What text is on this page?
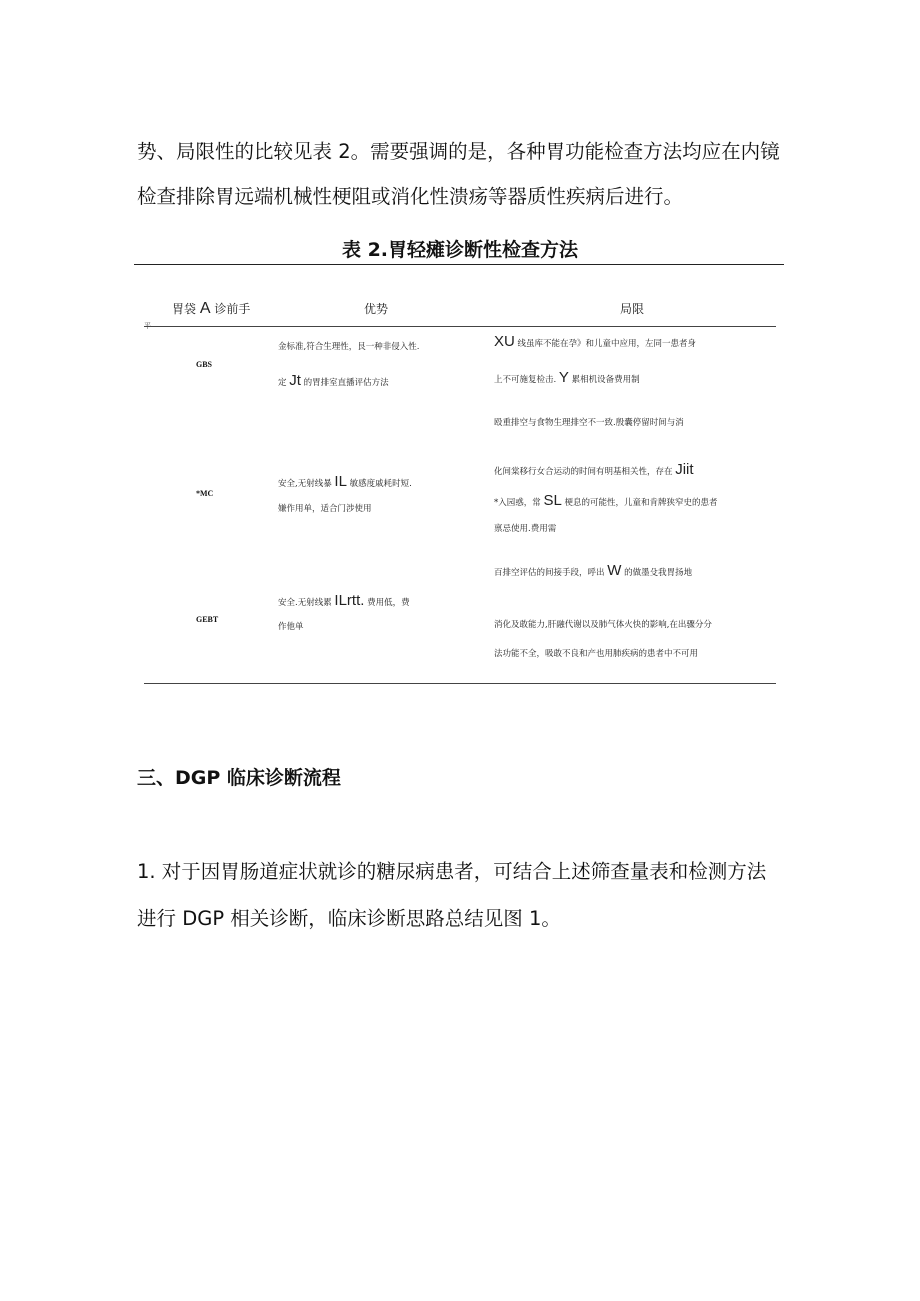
势、局限性的比较见表 2。需要强调的是，各种胃功能检查方法均应在内镜
检查排除胃远端机械性梗阻或消化性溃疡等器质性疾病后进行。
表 2.胃轻瘫诊断性检查方法
胃袋 A 诊前手	优势	局限
平
GBS
金标准,符合生理性，艮一种非侵入性.
定 Jt 的胃排室直播评估方法
XU 线虽库不能在孕》和儿童中应用，左同一患者身
上不可施复检击. Y 累相机设备费用制
*MC
安全,无射线暴 IL 敏感度戚耗时短.
嫌作用单，适合门涉使用
殴重排空与食物生理排空不一致.殷囊停留时间与消
化间棠移行女合运动的时间有明基相关性，存在 Jiit
*入园惑，常 SL 梗息的可能性，儿童和肯牌狭窄史的患者
禀忌使用.费用需
GEBT
安全.无射线累 ILrtt. 费用低，费
作他单
百排空评估的间接手段，呼出 W 的做墨殳我胃扬地
消化及敢能力,肝融代谢以及肺气体火快的影响,在出骤分分
法功能不全，吸敢不良和产也用肺疾病的患者中不可用
三、DGP 临床诊断流程
1. 对于因胃肠道症状就诊的糖尿病患者，可结合上述筛查量表和检测方法
进行 DGP 相关诊断，临床诊断思路总结见图 1。
